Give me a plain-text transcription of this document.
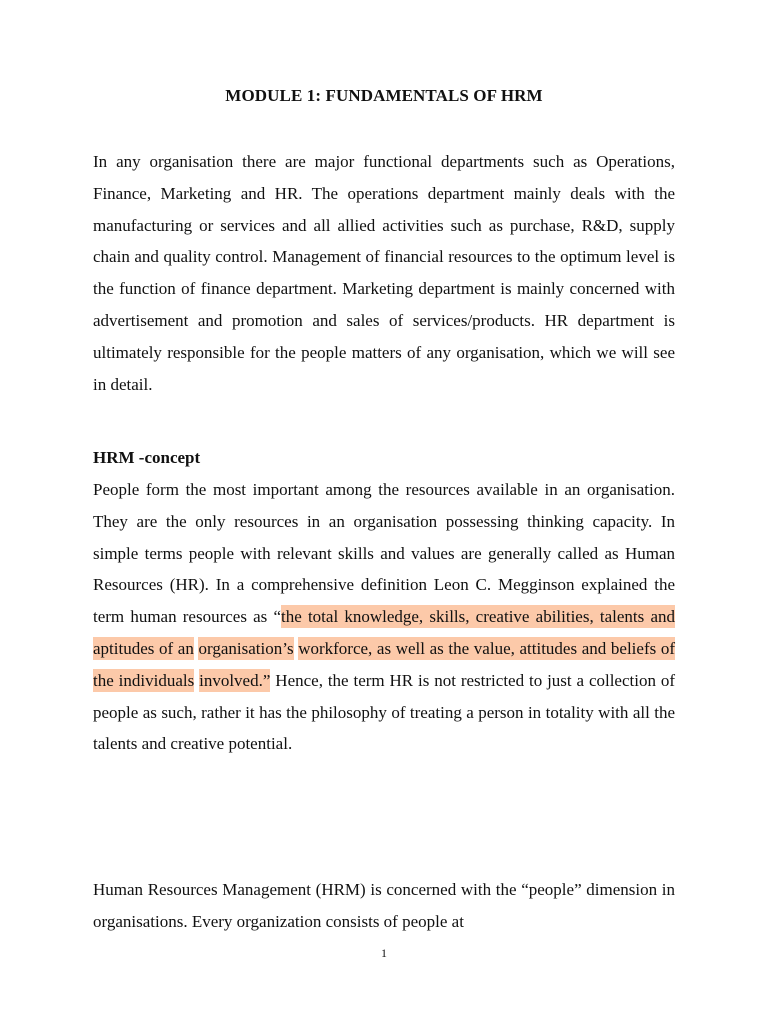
MODULE 1: FUNDAMENTALS OF HRM
In any organisation there are major functional departments such as Operations, Finance, Marketing and HR. The operations department mainly deals with the manufacturing or services and all allied activities such as purchase, R&D, supply chain and quality control. Management of financial resources to the optimum level is the function of finance department. Marketing department is mainly concerned with advertisement and promotion and sales of services/products. HR department is ultimately responsible for the people matters of any organisation, which we will see in detail.
HRM -concept
People form the most important among the resources available in an organisation. They are the only resources in an organisation possessing thinking capacity. In simple terms people with relevant skills and values are generally called as Human Resources (HR). In a comprehensive definition Leon C. Megginson explained the term human resources as “the total knowledge, skills, creative abilities, talents and aptitudes of an organisation’s workforce, as well as the value, attitudes and beliefs of the individuals involved.” Hence, the term HR is not restricted to just a collection of people as such, rather it has the philosophy of treating a person in totality with all the talents and creative potential.
Human Resources Management (HRM) is concerned with the “people” dimension in organisations. Every organization consists of people at
1
